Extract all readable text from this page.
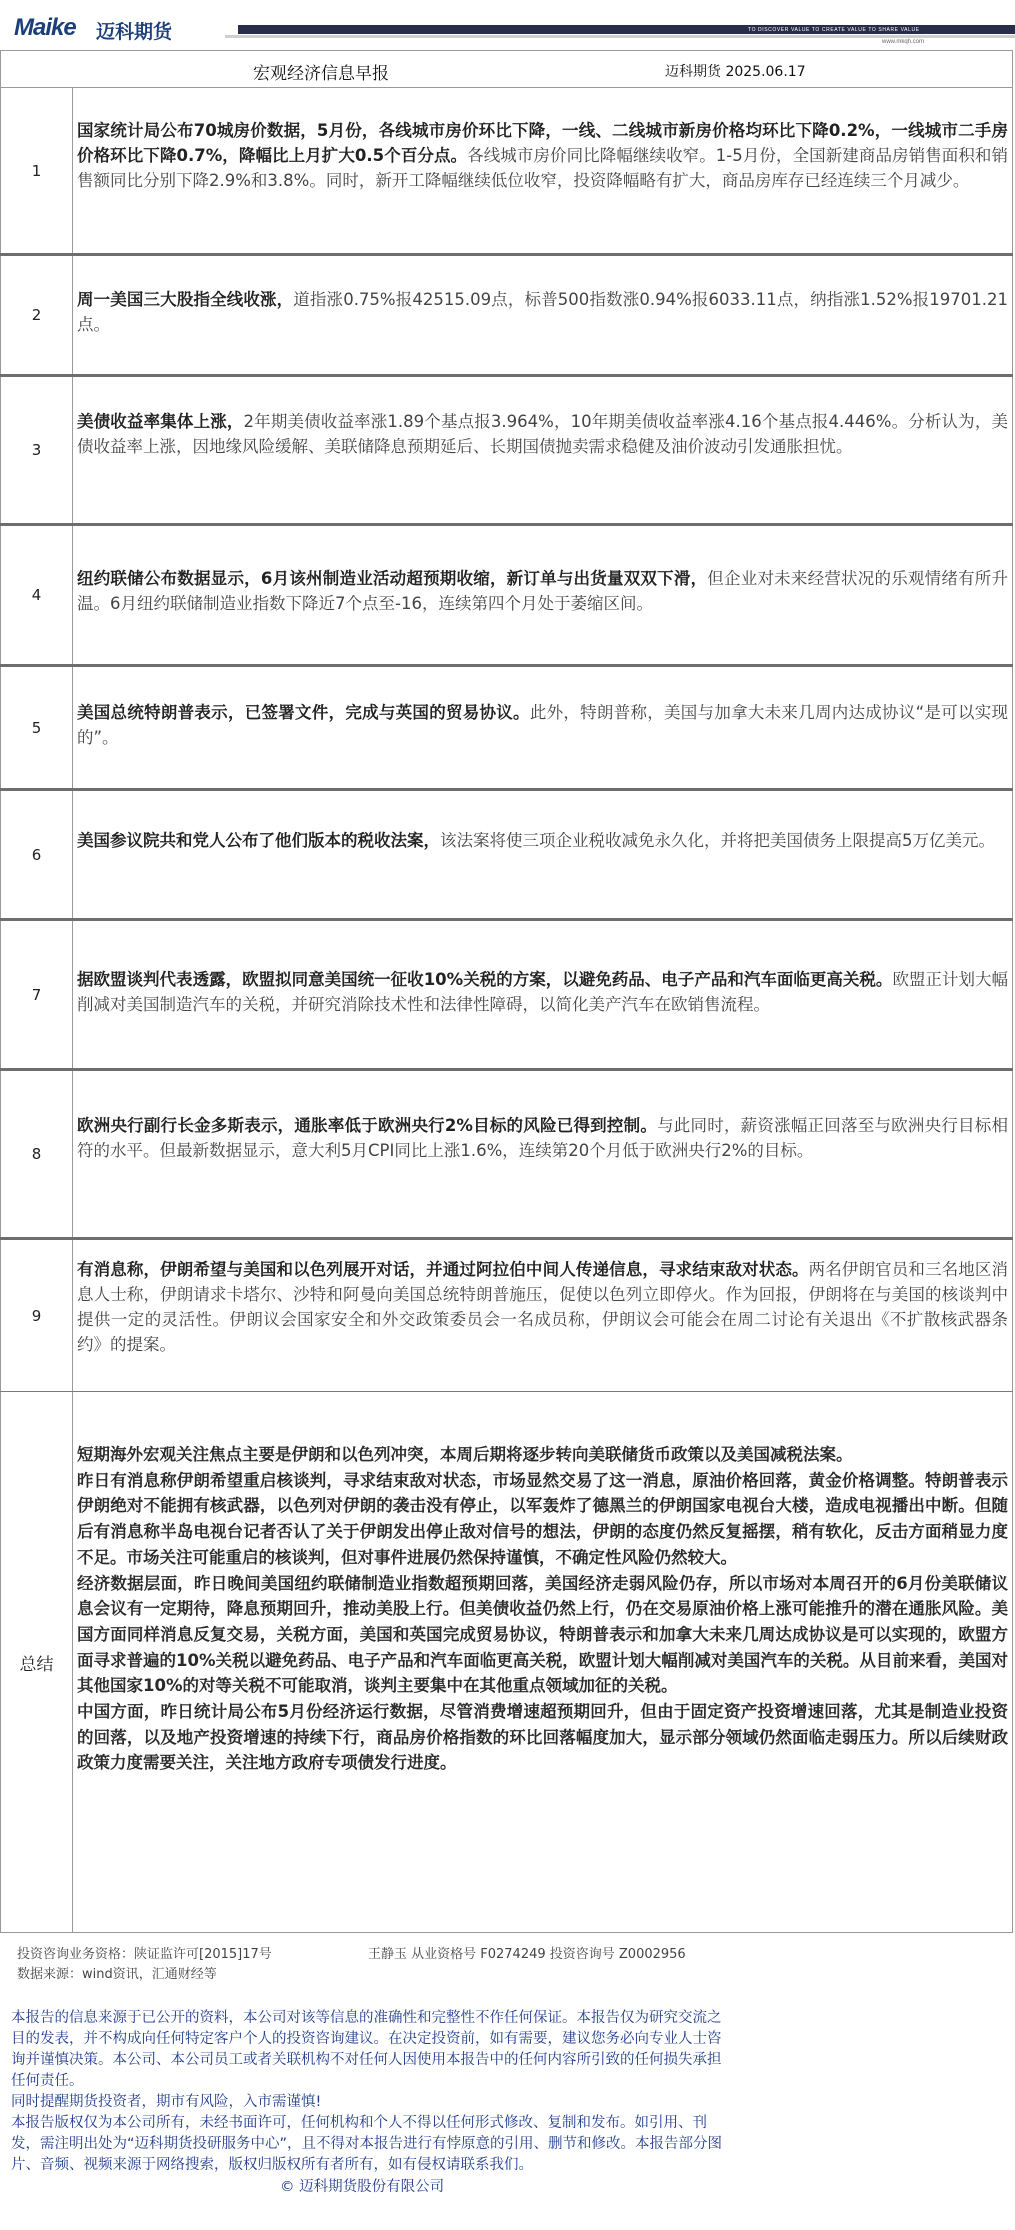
Maike 迈科期货	TO DISCOVER VALUE TO CREATE VALUE TO SHARE VALUE
www.mkqh.com
宏观经济信息早报	迈科期货 2025.06.17
1
国家统计局公布70城房价数据，5月份，各线城市房价环比下降，一线、二线城市新房价格均环比下降0.2%，一线城市二手房价格环比下降0.7%，降幅比上月扩大0.5个百分点。各线城市房价同比降幅继续收窄。1-5月份，全国新建商品房销售面积和销售额同比分别下降2.9%和3.8%。同时，新开工降幅继续低位收窄，投资降幅略有扩大，商品房库存已经连续三个月减少。
2
周一美国三大股指全线收涨，道指涨0.75%报42515.09点，标普500指数涨0.94%报6033.11点，纳指涨1.52%报19701.21点。
3
美债收益率集体上涨，2年期美债收益率涨1.89个基点报3.964%，10年期美债收益率涨4.16个基点报4.446%。分析认为，美债收益率上涨，因地缘风险缓解、美联储降息预期延后、长期国债抛卖需求稳健及油价波动引发通胀担忧。
4
纽约联储公布数据显示，6月该州制造业活动超预期收缩，新订单与出货量双双下滑，但企业对未来经营状况的乐观情绪有所升温。6月纽约联储制造业指数下降近7个点至-16，连续第四个月处于萎缩区间。
5
美国总统特朗普表示，已签署文件，完成与英国的贸易协议。此外，特朗普称，美国与加拿大未来几周内达成协议“是可以实现的”。
6
美国参议院共和党人公布了他们版本的税收法案，该法案将使三项企业税收减免永久化，并将把美国债务上限提高5万亿美元。
7
据欧盟谈判代表透露，欧盟拟同意美国统一征收10%关税的方案，以避免药品、电子产品和汽车面临更高关税。欧盟正计划大幅削减对美国制造汽车的关税，并研究消除技术性和法律性障碍，以简化美产汽车在欧销售流程。
8
欧洲央行副行长金多斯表示，通胀率低于欧洲央行2%目标的风险已得到控制。与此同时，薪资涨幅正回落至与欧洲央行目标相符的水平。但最新数据显示，意大利5月CPI同比上涨1.6%，连续第20个月低于欧洲央行2%的目标。
9
有消息称，伊朗希望与美国和以色列展开对话，并通过阿拉伯中间人传递信息，寻求结束敌对状态。两名伊朗官员和三名地区消息人士称，伊朗请求卡塔尔、沙特和阿曼向美国总统特朗普施压，促使以色列立即停火。作为回报，伊朗将在与美国的核谈判中提供一定的灵活性。伊朗议会国家安全和外交政策委员会一名成员称，伊朗议会可能会在周二讨论有关退出《不扩散核武器条约》的提案。
总结

短期海外宏观关注焦点主要是伊朗和以色列冲突，本周后期将逐步转向美联储货币政策以及美国减税法案。

昨日有消息称伊朗希望重启核谈判，寻求结束敌对状态，市场显然交易了这一消息，原油价格回落，黄金价格调整。特朗普表示伊朗绝对不能拥有核武器，以色列对伊朗的袭击没有停止，以军轰炸了德黑兰的伊朗国家电视台大楼，造成电视播出中断。但随后有消息称半岛电视台记者否认了关于伊朗发出停止敌对信号的想法，伊朗的态度仍然反复摇摆，稍有软化，反击方面稍显力度不足。市场关注可能重启的核谈判，但对事件进展仍然保持谨慎，不确定性风险仍然较大。

经济数据层面，昨日晚间美国纽约联储制造业指数超预期回落，美国经济走弱风险仍存，所以市场对本周召开的6月份美联储议息会议有一定期待，降息预期回升，推动美股上行。但美债收益仍然上行，仍在交易原油价格上涨可能推升的潜在通胀风险。美国方面同样消息反复交易，关税方面，美国和英国完成贸易协议，特朗普表示和加拿大未来几周达成协议是可以实现的，欧盟方面寻求普遍的10%关税以避免药品、电子产品和汽车面临更高关税，欧盟计划大幅削减对美国汽车的关税。从目前来看，美国对其他国家10%的对等关税不可能取消，谈判主要集中在其他重点领域加征的关税。

中国方面，昨日统计局公布5月份经济运行数据，尽管消费增速超预期回升，但由于固定资产投资增速回落，尤其是制造业投资的回落，以及地产投资增速的持续下行，商品房价格指数的环比回落幅度加大，显示部分领域仍然面临走弱压力。所以后续财政政策力度需要关注，关注地方政府专项债发行进度。

投资咨询业务资格：陕证监许可[2015]17号	王静玉 从业资格号 F0274249 投资咨询号 Z0002956
数据来源：wind资讯，汇通财经等

本报告的信息来源于已公开的资料，本公司对该等信息的准确性和完整性不作任何保证。本报告仅为研究交流之目的发表，并不构成向任何特定客户个人的投资咨询建议。在决定投资前，如有需要，建议您务必向专业人士咨询并谨慎决策。本公司、本公司员工或者关联机构不对任何人因使用本报告中的任何内容所引致的任何损失承担任何责任。

同时提醒期货投资者，期市有风险，入市需谨慎!

本报告版权仅为本公司所有，未经书面许可，任何机构和个人不得以任何形式修改、复制和发布。如引用、刊发，需注明出处为“迈科期货投研服务中心”，且不得对本报告进行有悖原意的引用、删节和修改。本报告部分图片、音频、视频来源于网络搜索，版权归版权所有者所有，如有侵权请联系我们。

© 迈科期货股份有限公司
